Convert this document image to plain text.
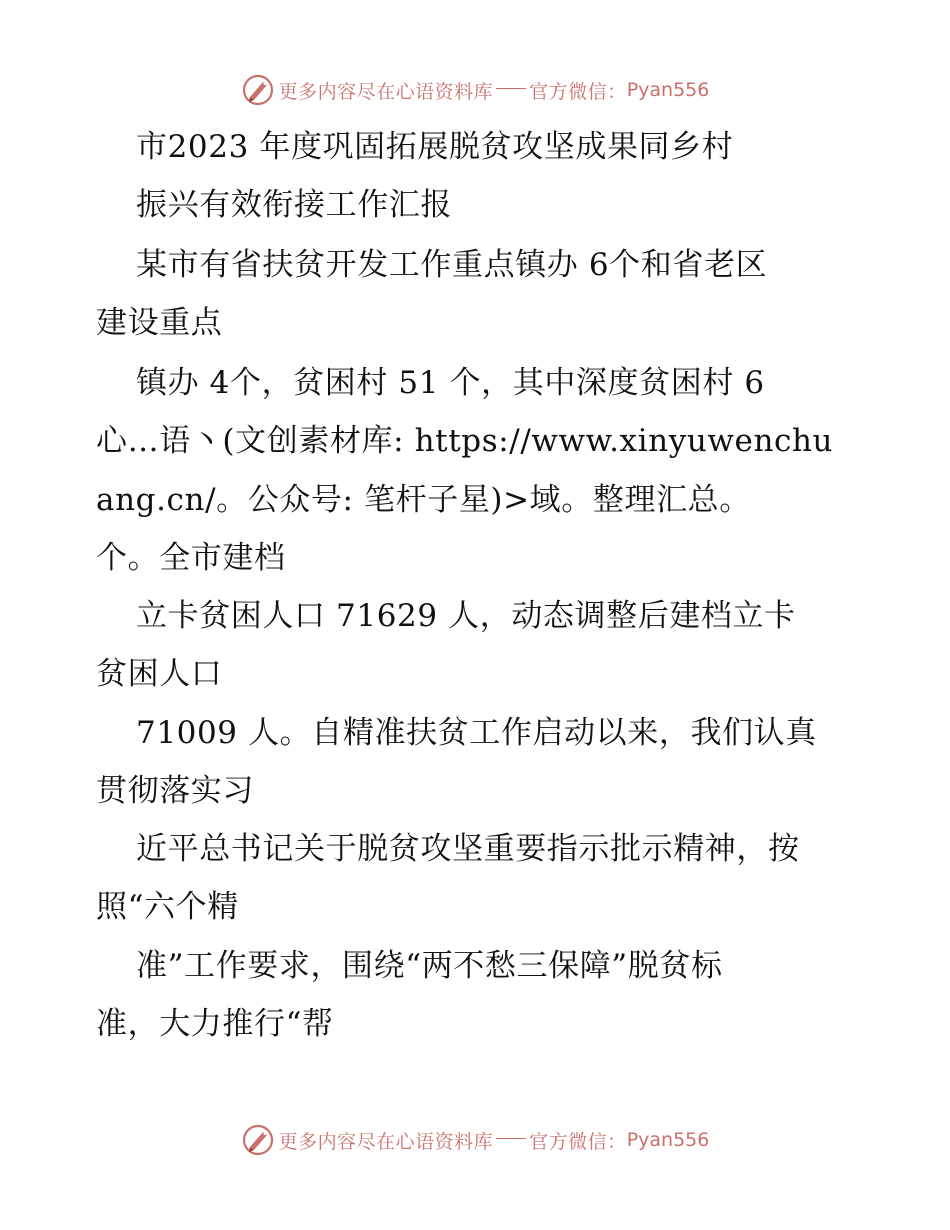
更多内容尽在心语资料库 官方微信： Pyan556
市2023 年度巩固拓展脱贫攻坚成果同乡村
振兴有效衔接工作汇报
某市有省扶贫开发工作重点镇办 6个和省老区
建设重点
镇办 4个，贫困村 51 个，其中深度贫困村 6
心…语丶(文创素材库: https://www.xinyuwenchu
ang.cn/。公众号: 笔杆子星)>域。整理汇总。
个。全市建档
立卡贫困人口 71629 人，动态调整后建档立卡
贫困人口
71009 人。自精准扶贫工作启动以来，我们认真
贯彻落实习
近平总书记关于脱贫攻坚重要指示批示精神，按
照“六个精
准”工作要求，围绕“两不愁三保障”脱贫标
准，大力推行“帮
更多内容尽在心语资料库 官方微信： Pyan556
